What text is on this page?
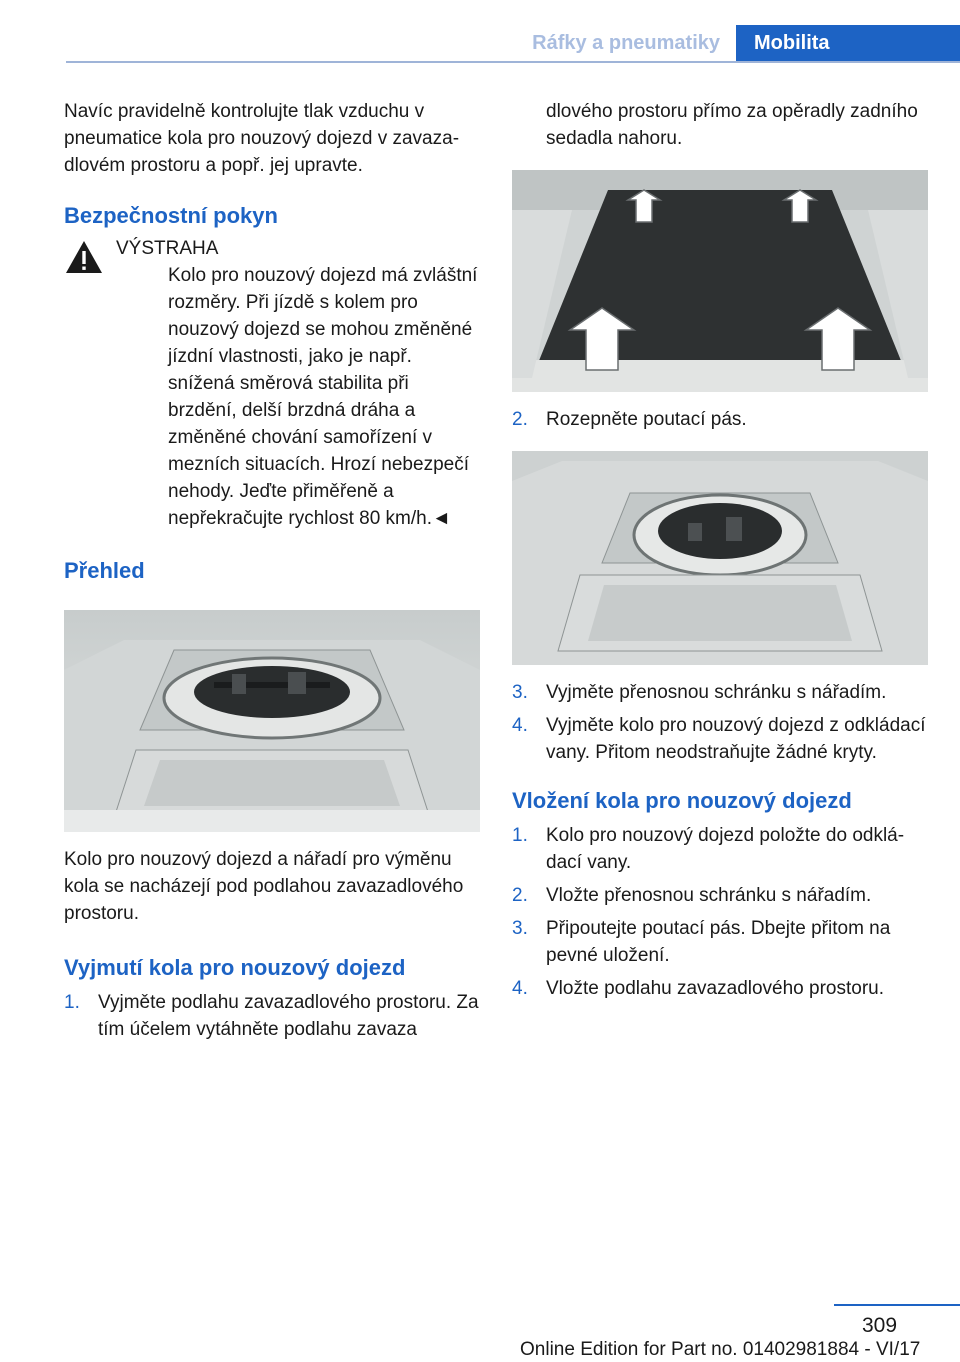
Ráfky a pneumatiky	Mobilita

Navíc pravidelně kontrolujte tlak vzduchu v pneumatice kola pro nouzový dojezd v zavazadlovém prostoru a popř. jej upravte.

Bezpečnostní pokyn

VÝSTRAHA

Kolo pro nouzový dojezd má zvláštní rozměry. Při jízdě s kolem pro nouzový dojezd se mohou změněné jízdní vlastnosti, jako je např. snížená směrová stabilita při brzdění, delší brzdná dráha a změněné chování samořízení v mezních situacích. Hrozí nebezpečí nehody. Jeďte přiměřeně a nepřekračujte rychlost 80 km/h.◄

Přehled

Kolo pro nouzový dojezd a nářadí pro výměnu kola se nacházejí pod podlahou zavazadlového prostoru.

Vyjmutí kola pro nouzový dojezd
1. Vyjměte podlahu zavazadlového prostoru. Za tím účelem vytáhněte podlahu zavaza

dlového prostoru přímo za opěradly zadního sedadla nahoru.

2. Rozepněte poutací pás.
3. Vyjměte přenosnou schránku s nářadím.
4. Vyjměte kolo pro nouzový dojezd z odkládací vany. Přitom neodstraňujte žádné kryty.
Vložení kola pro nouzový dojezd
1. Kolo pro nouzový dojezd položte do odkládací vany.
2. Vložte přenosnou schránku s nářadím.
3. Připoutejte poutací pás. Dbejte přitom na pevné uložení.
4. Vložte podlahu zavazadlového prostoru.
309
Online Edition for Part no. 01402981884 - VI/17
